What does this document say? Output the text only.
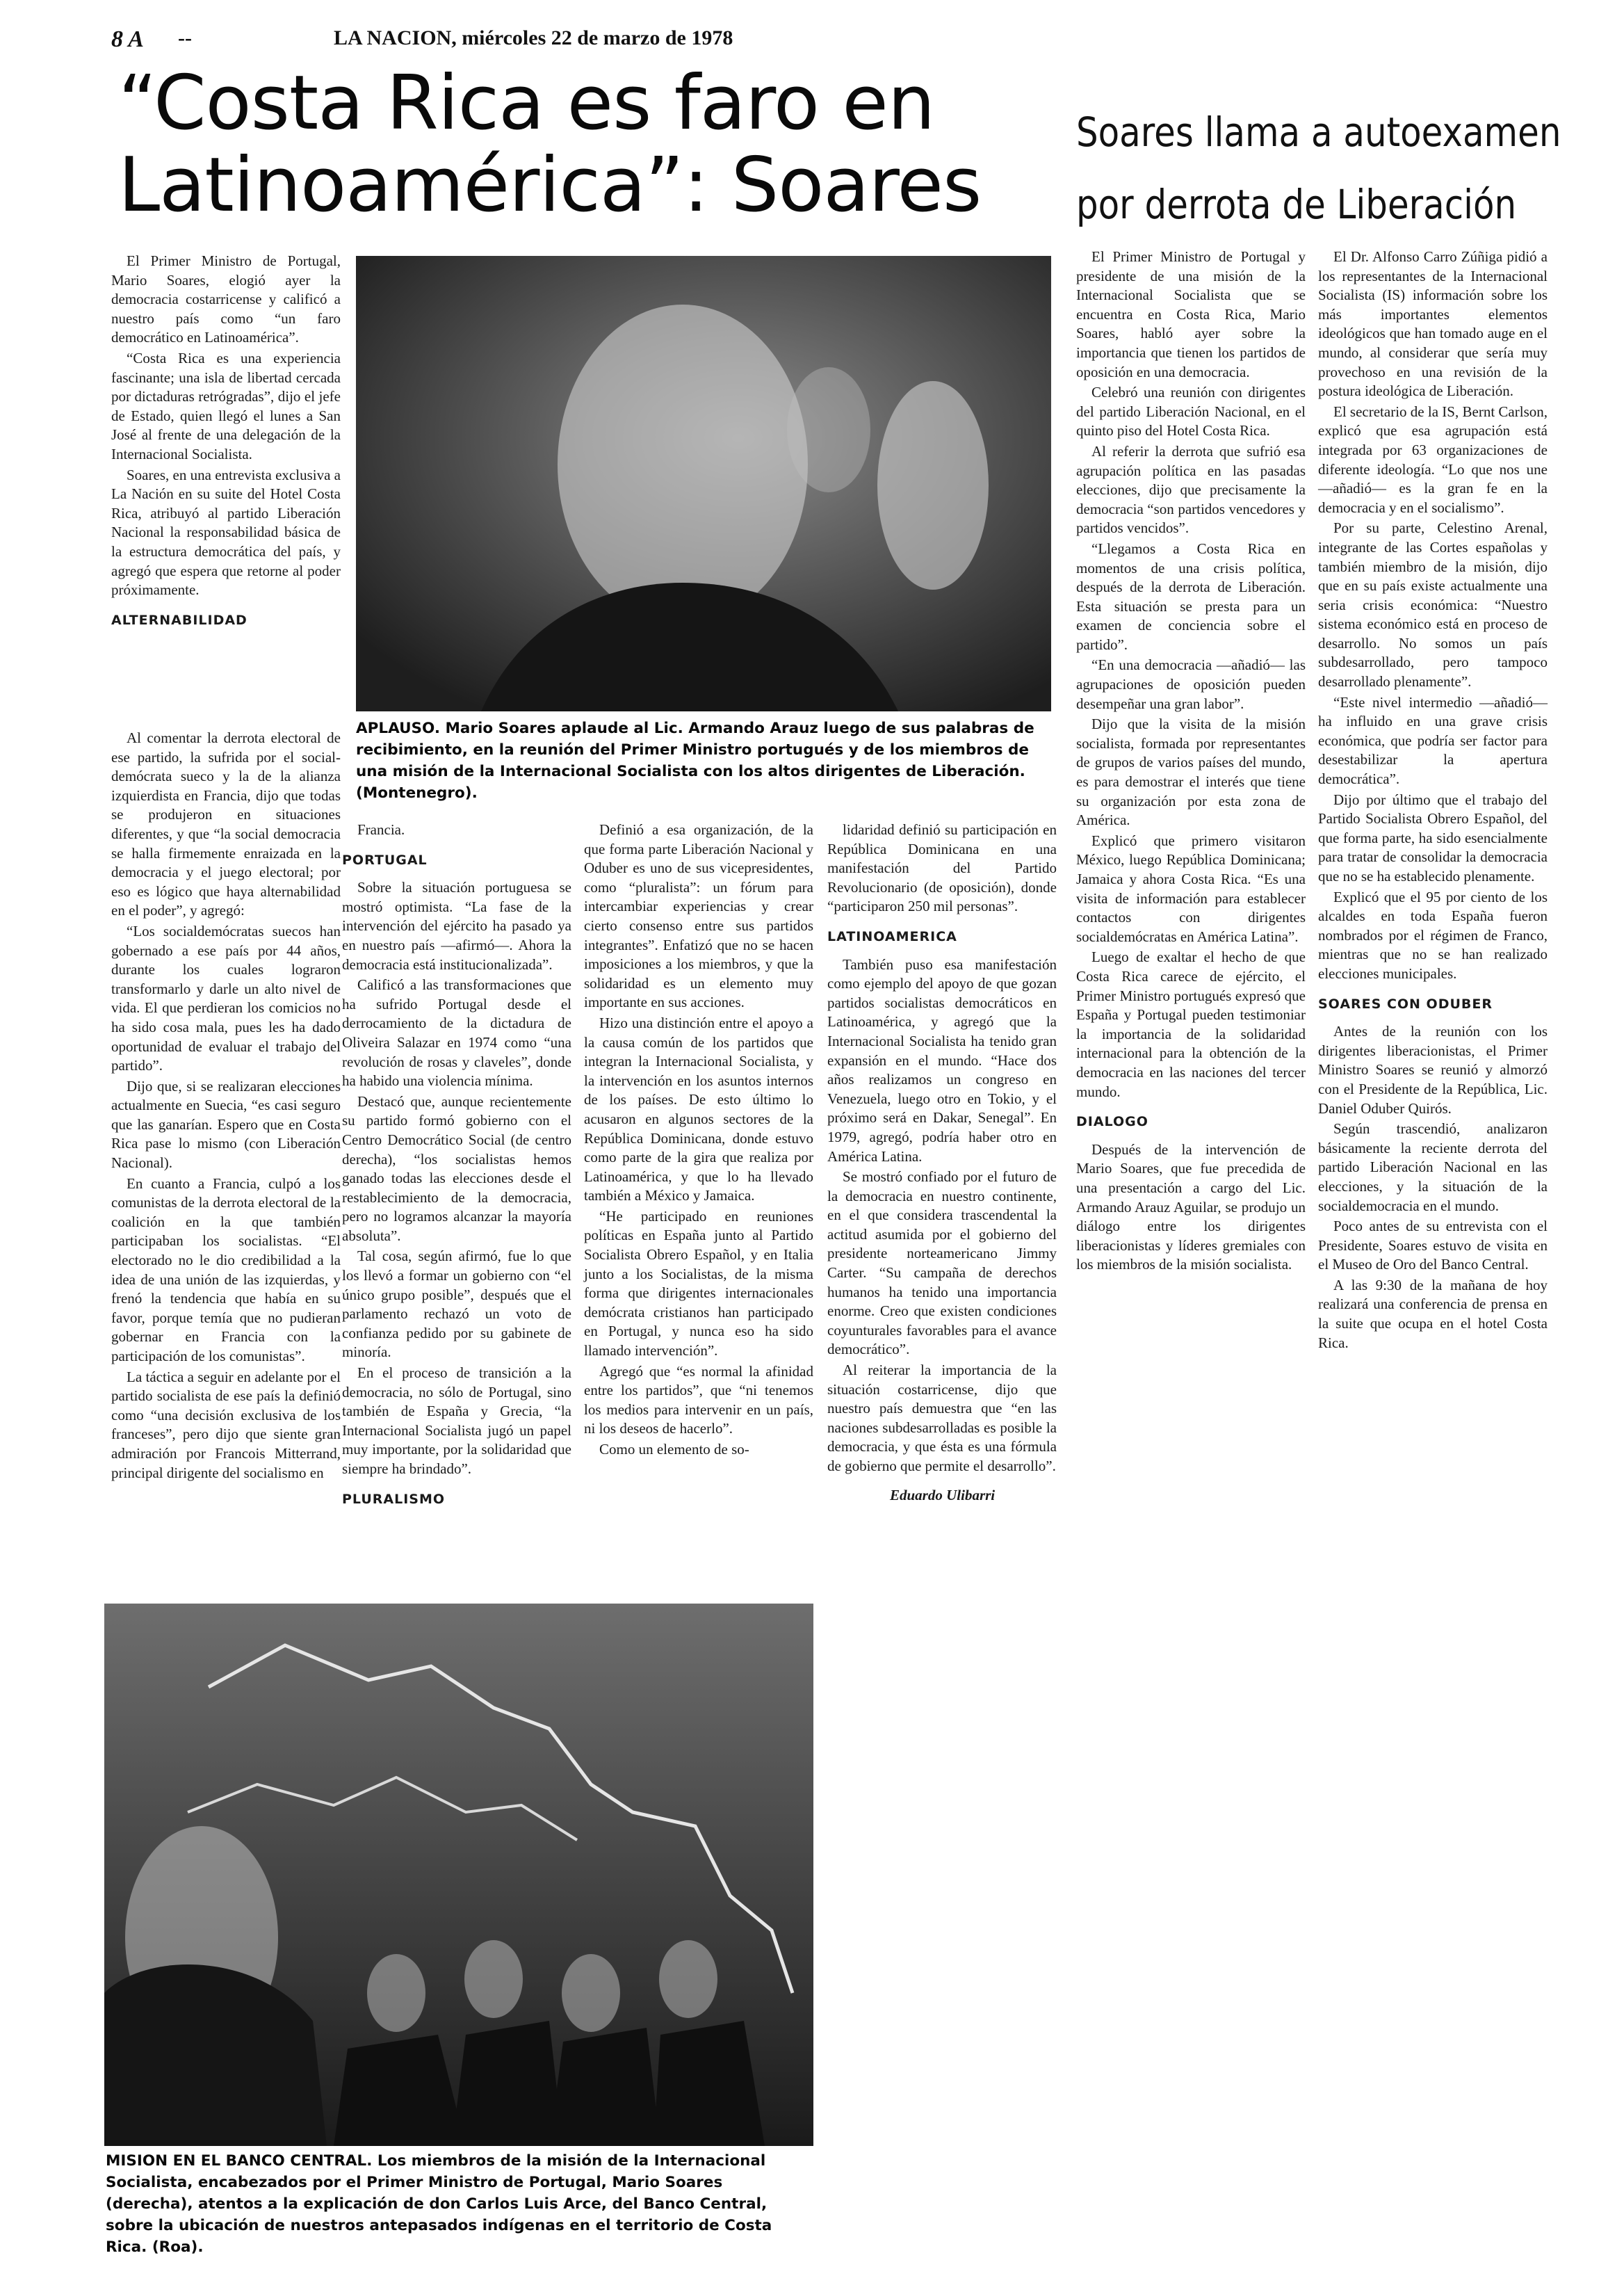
8 A --	LA NACION, miércoles 22 de marzo de 1978
“Costa Rica es faro en
Latinoamérica”: Soares
Soares llama a autoexamen
por derrota de Liberación

El Primer Ministro de Portugal, Mario Soares, elogió ayer la democracia costarricense y calificó a nuestro país como “un faro democrático en Latinoamérica”.

“Costa Rica es una experiencia fascinante; una isla de libertad cercada por dictaduras retrógradas”, dijo el jefe de Estado, quien llegó el lunes a San José al frente de una delegación de la Internacional Socialista.

Soares, en una entrevista exclusiva a La Nación en su suite del Hotel Costa Rica, atribuyó al partido Liberación Nacional la responsabilidad básica de la estructura democrática del país, y agregó que espera que retorne al poder próximamente.

ALTERNABILIDAD
APLAUSO. Mario Soares aplaude al Lic. Armando Arauz luego de sus palabras de recibimiento, en la reunión del Primer Ministro portugués y de los miembros de una misión de la Internacional Socialista con los altos dirigentes de Liberación. (Montenegro).

Al comentar la derrota electoral de ese partido, la sufrida por el social-demócrata sueco y la de la alianza izquierdista en Francia, dijo que todas se produjeron en situaciones diferentes, y que “la social democracia se halla firmemente enraizada en la democracia y el juego electoral; por eso es lógico que haya alternabilidad en el poder”, y agregó:

“Los socialdemócratas suecos han gobernado a ese país por 44 años, durante los cuales lograron transformarlo y darle un alto nivel de vida. El que perdieran los comicios no ha sido cosa mala, pues les ha dado oportunidad de evaluar el trabajo del partido”.

Dijo que, si se realizaran elecciones actualmente en Suecia, “es casi seguro que las ganarían. Espero que en Costa Rica pase lo mismo (con Liberación Nacional).

En cuanto a Francia, culpó a los comunistas de la derrota electoral de la coalición en la que también participaban los socialistas. “El electorado no le dio credibilidad a la idea de una unión de las izquierdas, y frenó la tendencia que había en su favor, porque temía que no pudieran gobernar en Francia con la participación de los comunistas”.

La táctica a seguir en adelante por el partido socialista de ese país la definió como “una decisión exclusiva de los franceses”, pero dijo que siente gran admiración por Francois Mitterrand, principal dirigente del socialismo en

Francia.

PORTUGAL

Sobre la situación portuguesa se mostró optimista. “La fase de la intervención del ejército ha pasado ya en nuestro país —afirmó—. Ahora la democracia está institucionalizada”.

Calificó a las transformaciones que ha sufrido Portugal desde el derrocamiento de la dictadura de Oliveira Salazar en 1974 como “una revolución de rosas y claveles”, donde ha habido una violencia mínima.

Destacó que, aunque recientemente su partido formó gobierno con el Centro Democrático Social (de centro derecha), “los socialistas hemos ganado todas las elecciones desde el restablecimiento de la democracia, pero no logramos alcanzar la mayoría absoluta”.

Tal cosa, según afirmó, fue lo que los llevó a formar un gobierno con “el único grupo posible”, después que el parlamento rechazó un voto de confianza pedido por su gabinete de minoría.

En el proceso de transición a la democracia, no sólo de Portugal, sino también de España y Grecia, “la Internacional Socialista jugó un papel muy importante, por la solidaridad que siempre ha brindado”.

PLURALISMO

Definió a esa organización, de la que forma parte Liberación Nacional y Oduber es uno de sus vicepresidentes, como “pluralista”: un fórum para intercambiar experiencias y crear cierto consenso entre sus partidos integrantes”. Enfatizó que no se hacen imposiciones a los miembros, y que la solidaridad es un elemento muy importante en sus acciones.

Hizo una distinción entre el apoyo a la causa común de los partidos que integran la Internacional Socialista, y la intervención en los asuntos internos de los países. De esto último lo acusaron en algunos sectores de la República Dominicana, donde estuvo como parte de la gira que realiza por Latinoamérica, y que lo ha llevado también a México y Jamaica.

“He participado en reuniones políticas en España junto al Partido Socialista Obrero Español, y en Italia junto a los Socialistas, de la misma forma que dirigentes internacionales demócrata cristianos han participado en Portugal, y nunca eso ha sido llamado intervención”.

Agregó que “es normal la afinidad entre los partidos”, que “ni tenemos los medios para intervenir en un país, ni los deseos de hacerlo”.

Como un elemento de so-

lidaridad definió su participación en República Dominicana en una manifestación del Partido Revolucionario (de oposición), donde “participaron 250 mil personas”.

LATINOAMERICA

También puso esa manifestación como ejemplo del apoyo de que gozan partidos socialistas democráticos en Latinoamérica, y agregó que la Internacional Socialista ha tenido gran expansión en el mundo. “Hace dos años realizamos un congreso en Venezuela, luego otro en Tokio, y el próximo será en Dakar, Senegal”. En 1979, agregó, podría haber otro en América Latina.

Se mostró confiado por el futuro de la democracia en nuestro continente, en el que considera trascendental la actitud asumida por el gobierno del presidente norteamericano Jimmy Carter. “Su campaña de derechos humanos ha tenido una importancia enorme. Creo que existen condiciones coyunturales favorables para el avance democrático”.

Al reiterar la importancia de la situación costarricense, dijo que nuestro país demuestra que “en las naciones subdesarrolladas es posible la democracia, y que ésta es una fórmula de gobierno que permite el desarrollo”.

Eduardo Ulibarri

El Primer Ministro de Portugal y presidente de una misión de la Internacional Socialista que se encuentra en Costa Rica, Mario Soares, habló ayer sobre la importancia que tienen los partidos de oposición en una democracia.

Celebró una reunión con dirigentes del partido Liberación Nacional, en el quinto piso del Hotel Costa Rica.

Al referir la derrota que sufrió esa agrupación política en las pasadas elecciones, dijo que precisamente la democracia “son partidos vencedores y partidos vencidos”.

“Llegamos a Costa Rica en momentos de una crisis política, después de la derrota de Liberación. Esta situación se presta para un examen de conciencia sobre el partido”.

“En una democracia —añadió— las agrupaciones de oposición pueden desempeñar una gran labor”.

Dijo que la visita de la misión socialista, formada por representantes de grupos de varios países del mundo, es para demostrar el interés que tiene su organización por esta zona de América.

Explicó que primero visitaron México, luego República Dominicana; Jamaica y ahora Costa Rica. “Es una visita de información para establecer contactos con dirigentes socialdemócratas en América Latina”.

Luego de exaltar el hecho de que Costa Rica carece de ejército, el Primer Ministro portugués expresó que España y Portugal pueden testimoniar la importancia de la solidaridad internacional para la obtención de la democracia en las naciones del tercer mundo.

DIALOGO

Después de la intervención de Mario Soares, que fue precedida de una presentación a cargo del Lic. Armando Arauz Aguilar, se produjo un diálogo entre los dirigentes liberacionistas y líderes gremiales con los miembros de la misión socialista.

El Dr. Alfonso Carro Zúñiga pidió a los representantes de la Internacional Socialista (IS) información sobre los más importantes elementos ideológicos que han tomado auge en el mundo, al considerar que sería muy provechoso en una revisión de la postura ideológica de Liberación.

El secretario de la IS, Bernt Carlson, explicó que esa agrupación está integrada por 63 organizaciones de diferente ideología. “Lo que nos une —añadió— es la gran fe en la democracia y en el socialismo”.

Por su parte, Celestino Arenal, integrante de las Cortes españolas y también miembro de la misión, dijo que en su país existe actualmente una seria crisis económica: “Nuestro sistema económico está en proceso de desarrollo. No somos un país subdesarrollado, pero tampoco desarrollado plenamente”.

“Este nivel intermedio —añadió— ha influido en una grave crisis económica, que podría ser factor para desestabilizar la apertura democrática”.

Dijo por último que el trabajo del Partido Socialista Obrero Español, del que forma parte, ha sido esencialmente para tratar de consolidar la democracia que no se ha establecido plenamente.

Explicó que el 95 por ciento de los alcaldes en toda España fueron nombrados por el régimen de Franco, mientras que no se han realizado elecciones municipales.

SOARES CON ODUBER

Antes de la reunión con los dirigentes liberacionistas, el Primer Ministro Soares se reunió y almorzó con el Presidente de la República, Lic. Daniel Oduber Quirós.

Según trascendió, analizaron básicamente la reciente derrota del partido Liberación Nacional en las elecciones, y la situación de la socialdemocracia en el mundo.

Poco antes de su entrevista con el Presidente, Soares estuvo de visita en el Museo de Oro del Banco Central.

A las 9:30 de la mañana de hoy realizará una conferencia de prensa en la suite que ocupa en el hotel Costa Rica.

MISION EN EL BANCO CENTRAL. Los miembros de la misión de la Internacional Socialista, encabezados por el Primer Ministro de Portugal, Mario Soares (derecha), atentos a la explicación de don Carlos Luis Arce, del Banco Central, sobre la ubicación de nuestros antepasados indígenas en el territorio de Costa Rica. (Roa).
